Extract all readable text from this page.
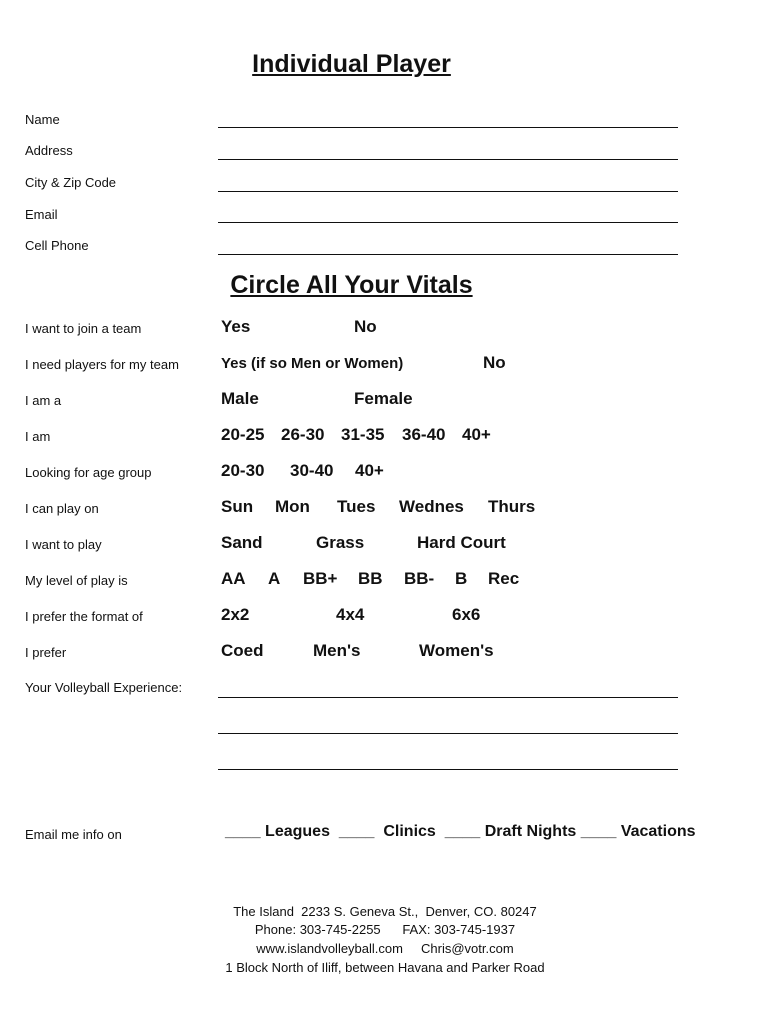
Individual Player
Name
Address
City & Zip Code
Email
Cell Phone
Circle All Your Vitals
I want to join a team	Yes	No
I need players for my team	Yes (if so Men or Women)	No
I am a	Male	Female
I am	20-25 26-30 31-35 36-40 40+
Looking for age group	20-30 30-40 40+
I can play on	Sun Mon Tues Wednes Thurs
I want to play	Sand	Grass	Hard Court
My level of play is	AA A BB+ BB BB- B Rec
I prefer the format of	2x2	4x4	6x6
I prefer	Coed	Men's	Women's
Your Volleyball Experience:
Email me info on	____ Leagues ____ Clinics ____ Draft Nights ____ Vacations
The Island  2233 S. Geneva St.,  Denver, CO. 80247
Phone: 303-745-2255      FAX: 303-745-1937
www.islandvolleyball.com     Chris@votr.com
1 Block North of Iliff, between Havana and Parker Road
